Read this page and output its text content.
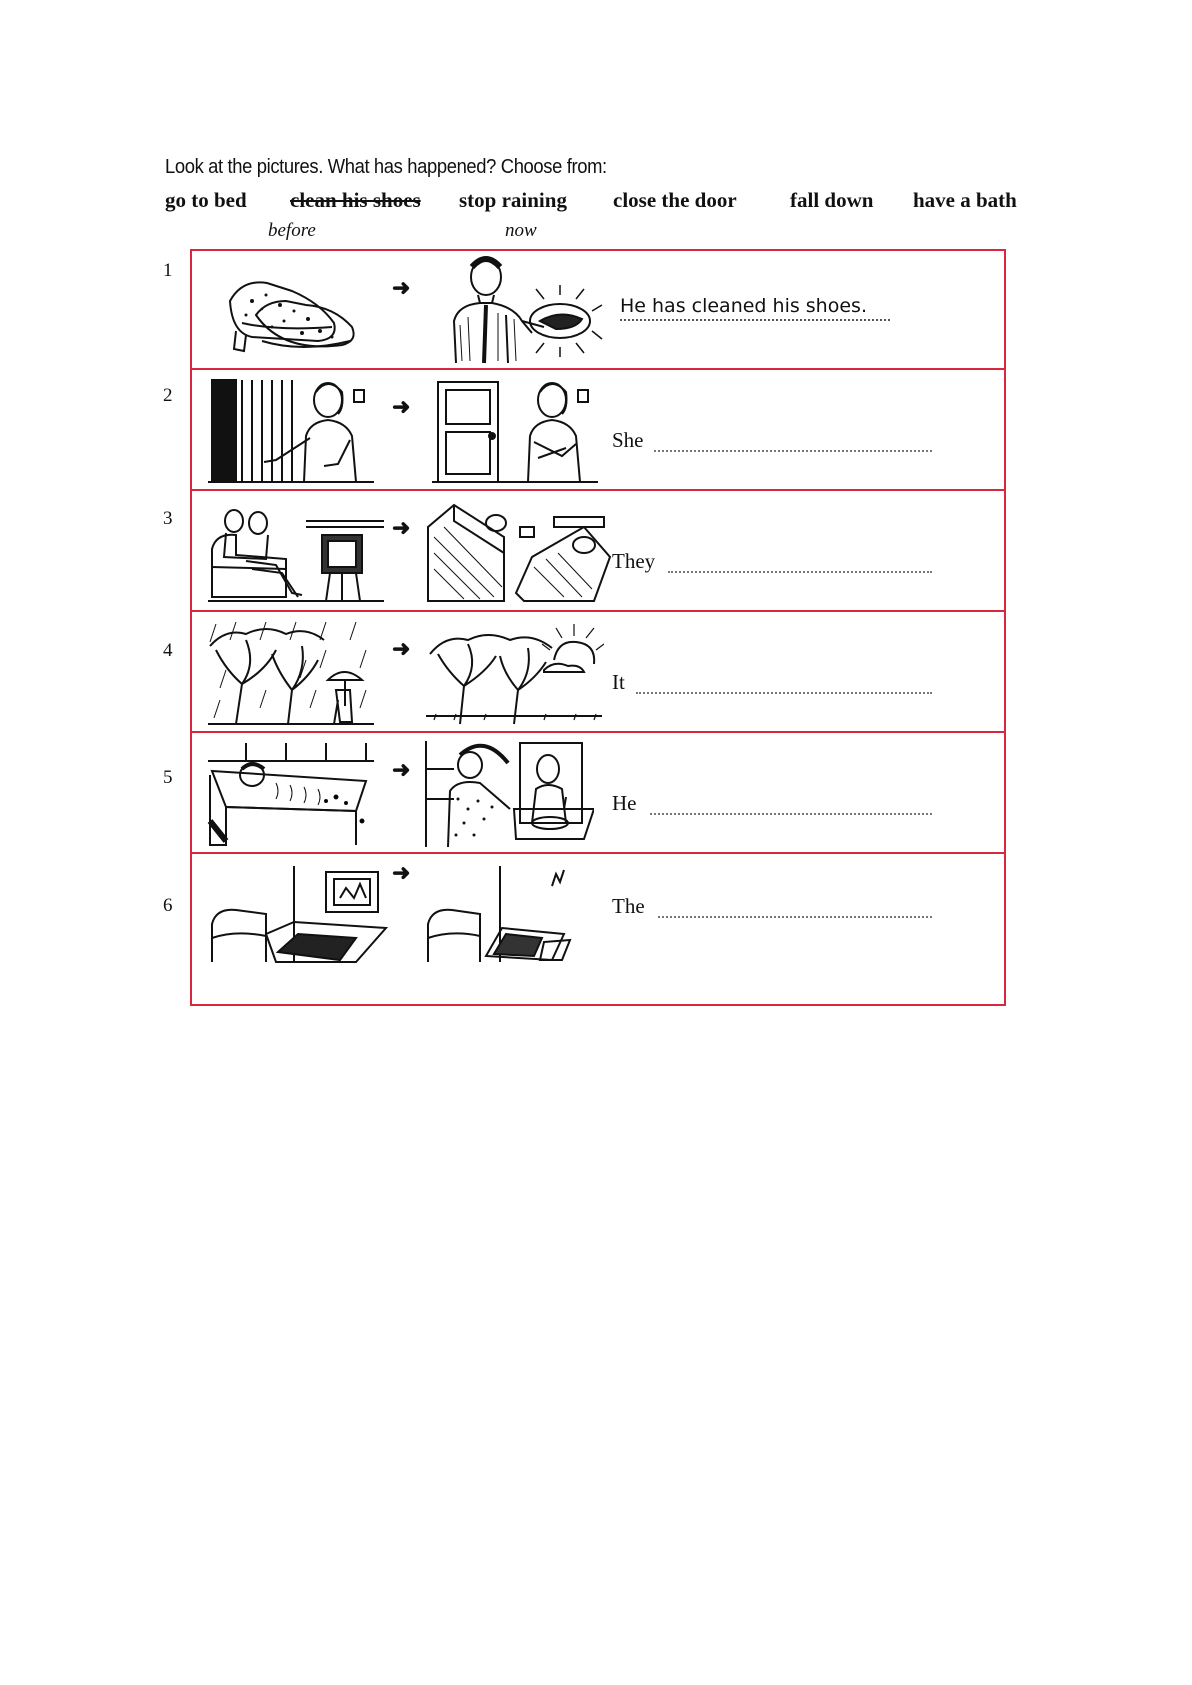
Look at the pictures. What has happened? Choose from:
go to bed clean his shoes stop raining close the door	fall down have a bath
before	now
1
2
3
4
5
6
➜
He has cleaned his shoes.
➜
She
➜
They
➜
It
➜
He
➜
The
